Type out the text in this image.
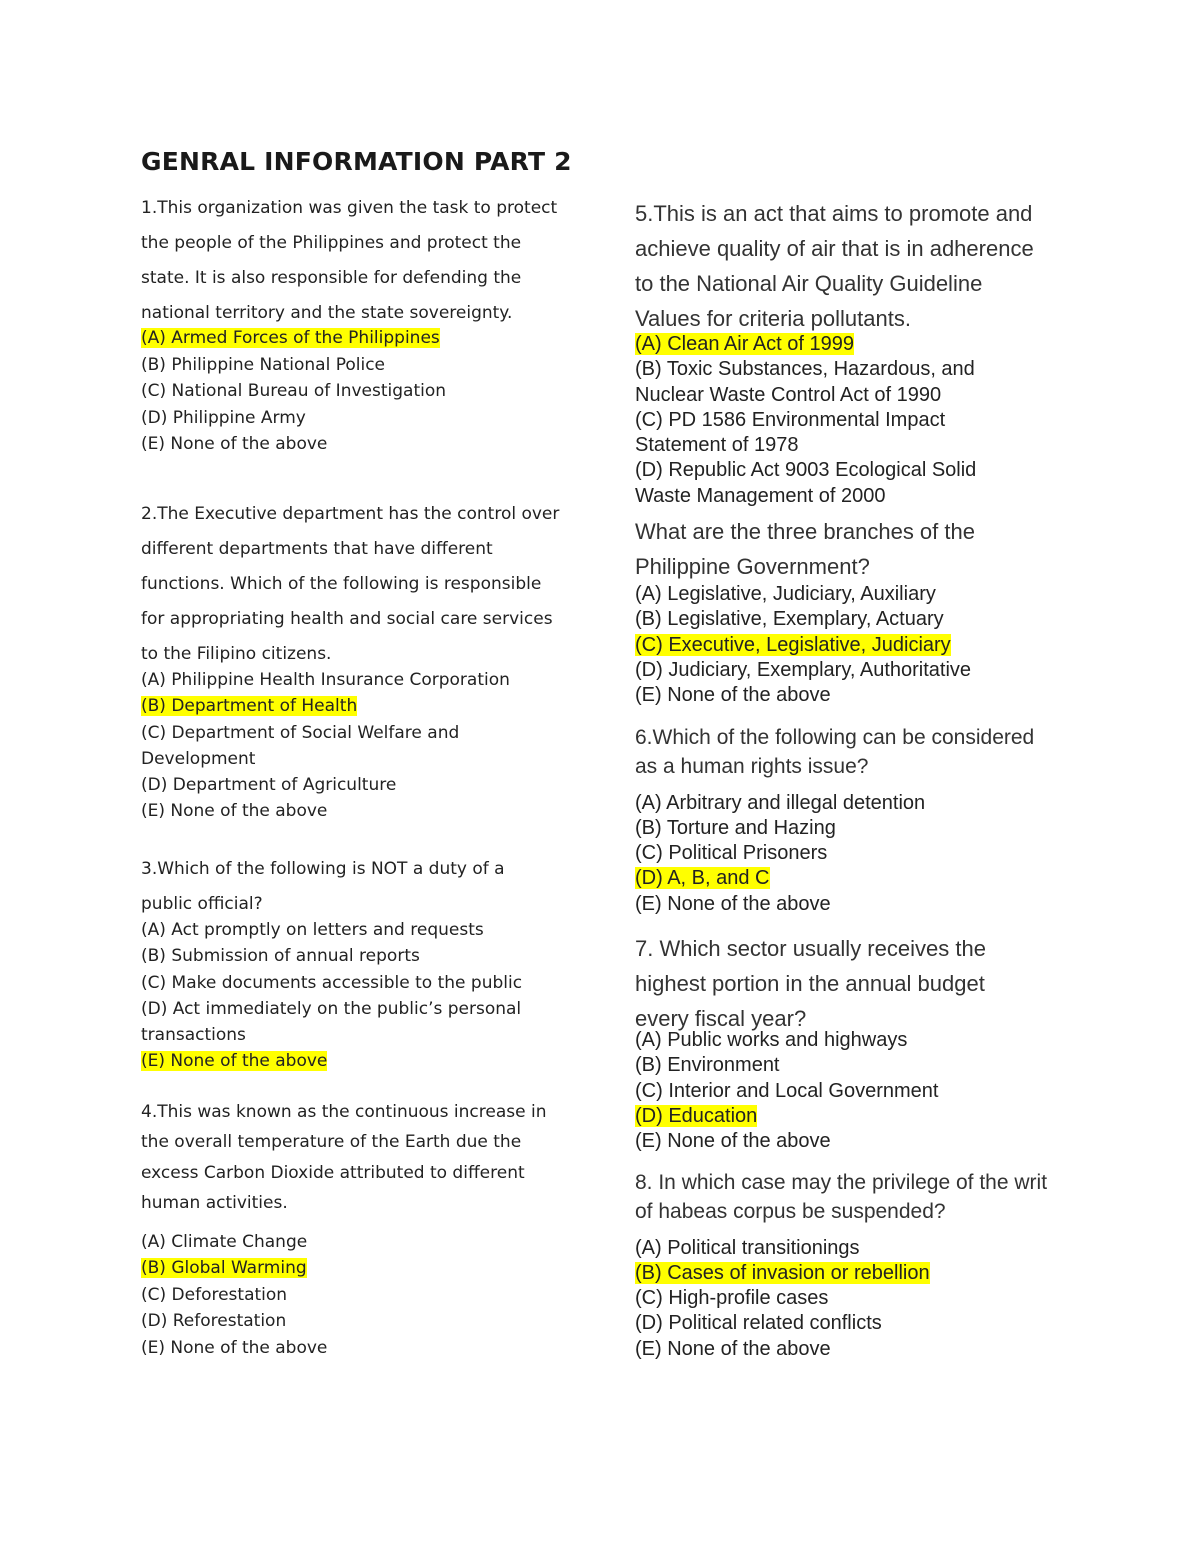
GENRAL INFORMATION PART 2

1.This organization was given the task to protect the people of the Philippines and protect the state. It is also responsible for defending the national territory and the state sovereignty.

(A) Armed Forces of the Philippines
(B) Philippine National Police
(C) National Bureau of Investigation
(D) Philippine Army
(E) None of the above

2.The Executive department has the control over different departments that have different functions. Which of the following is responsible for appropriating health and social care services to the Filipino citizens.

(A) Philippine Health Insurance Corporation
(B) Department of Health
(C) Department of Social Welfare and Development
(D) Department of Agriculture
(E) None of the above

3.Which of the following is NOT a duty of a public official?

(A) Act promptly on letters and requests
(B) Submission of annual reports
(C) Make documents accessible to the public
(D) Act immediately on the public’s personal transactions
(E) None of the above

4.This was known as the continuous increase in the overall temperature of the Earth due the excess Carbon Dioxide attributed to different human activities.

(A) Climate Change
(B) Global Warming
(C) Deforestation
(D) Reforestation
(E) None of the above

5.This is an act that aims to promote and achieve quality of air that is in adherence to the National Air Quality Guideline Values for criteria pollutants.

(A) Clean Air Act of 1999
(B) Toxic Substances, Hazardous, and Nuclear Waste Control Act of 1990
(C) PD 1586 Environmental Impact Statement of 1978
(D) Republic Act 9003 Ecological Solid Waste Management of 2000

What are the three branches of the Philippine Government?

(A) Legislative, Judiciary, Auxiliary
(B) Legislative, Exemplary, Actuary
(C) Executive, Legislative, Judiciary
(D) Judiciary, Exemplary, Authoritative
(E) None of the above

6.Which of the following can be considered as a human rights issue?

(A) Arbitrary and illegal detention
(B) Torture and Hazing
(C) Political Prisoners
(D) A, B, and C
(E) None of the above

7. Which sector usually receives the highest portion in the annual budget every fiscal year?

(A) Public works and highways
(B) Environment
(C) Interior and Local Government
(D) Education
(E) None of the above

8. In which case may the privilege of the writ of habeas corpus be suspended?

(A) Political transitionings
(B) Cases of invasion or rebellion
(C) High-profile cases
(D) Political related conflicts
(E) None of the above
